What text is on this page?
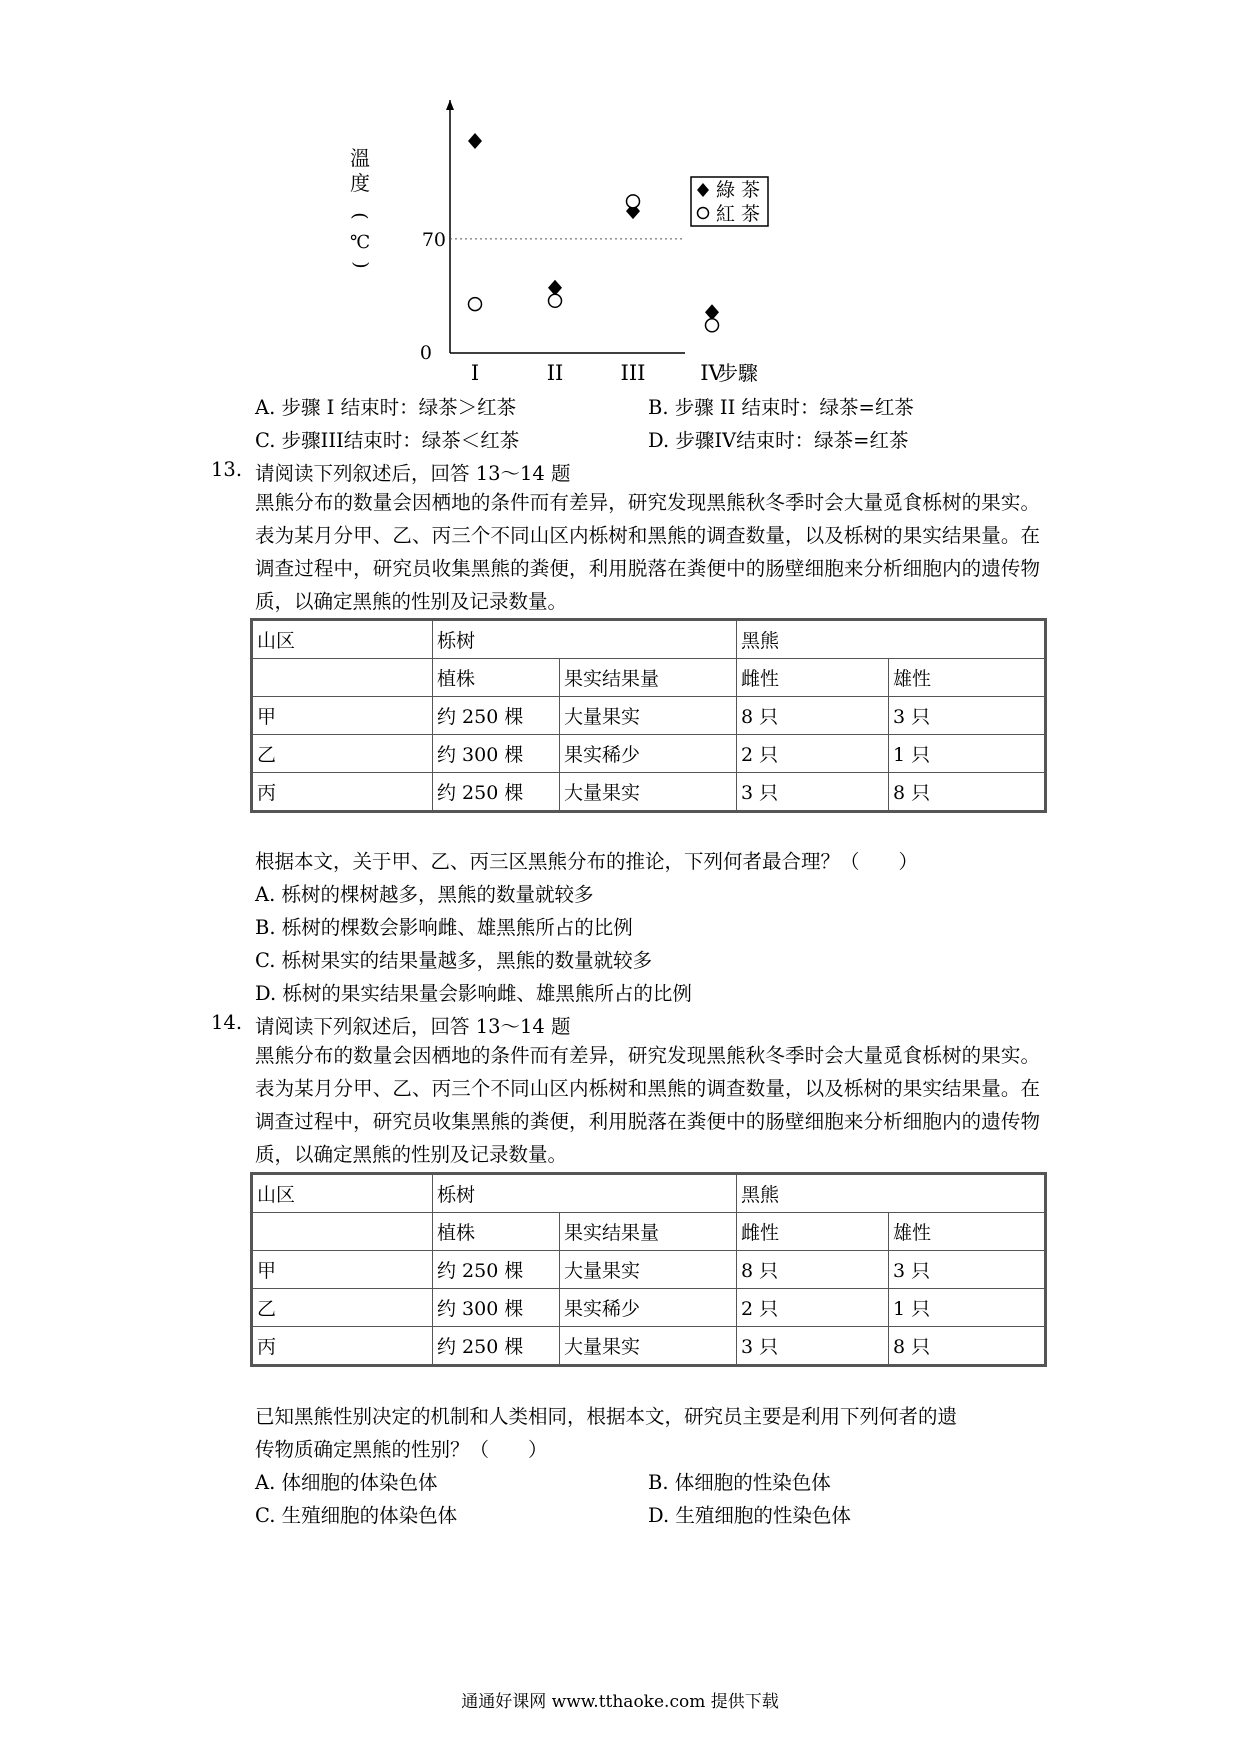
0
70
溫
度
(
℃
)
I	II	III	IV
步驟
綠 茶
紅 茶
A. 步骤 I 结束时：绿茶＞红茶	B. 步骤 II 结束时：绿茶=红茶
C. 步骤III结束时：绿茶＜红茶	D. 步骤IV结束时：绿茶=红茶
13. 请阅读下列叙述后，回答 13～14 题
黑熊分布的数量会因栖地的条件而有差异，研究发现黑熊秋冬季时会大量觅食栎树的果实。表为某月分甲、乙、丙三个不同山区内栎树和黑熊的调查数量，以及栎树的果实结果量。在调查过程中，研究员收集黑熊的粪便，利用脱落在粪便中的肠壁细胞来分析细胞内的遗传物质，以确定黑熊的性别及记录数量。
山区	栎树		黑熊	
	植株	果实结果量	雌性	雄性
甲	约 250 棵	大量果实	8 只	3 只
乙	约 300 棵	果实稀少	2 只	1 只
丙	约 250 棵	大量果实	3 只	8 只
根据本文，关于甲、乙、丙三区黑熊分布的推论，下列何者最合理？（　　）
A. 栎树的棵树越多，黑熊的数量就较多
B. 栎树的棵数会影响雌、雄黑熊所占的比例
C. 栎树果实的结果量越多，黑熊的数量就较多
D. 栎树的果实结果量会影响雌、雄黑熊所占的比例
14. 请阅读下列叙述后，回答 13～14 题
黑熊分布的数量会因栖地的条件而有差异，研究发现黑熊秋冬季时会大量觅食栎树的果实。表为某月分甲、乙、丙三个不同山区内栎树和黑熊的调查数量，以及栎树的果实结果量。在调查过程中，研究员收集黑熊的粪便，利用脱落在粪便中的肠壁细胞来分析细胞内的遗传物质，以确定黑熊的性别及记录数量。
山区	栎树		黑熊	
	植株	果实结果量	雌性	雄性
甲	约 250 棵	大量果实	8 只	3 只
乙	约 300 棵	果实稀少	2 只	1 只
丙	约 250 棵	大量果实	3 只	8 只
已知黑熊性别决定的机制和人类相同，根据本文，研究员主要是利用下列何者的遗
传物质确定黑熊的性别？（　　）
A. 体细胞的体染色体	B. 体细胞的性染色体
C. 生殖细胞的体染色体	D. 生殖细胞的性染色体
通通好课网 www.tthaoke.com 提供下载
